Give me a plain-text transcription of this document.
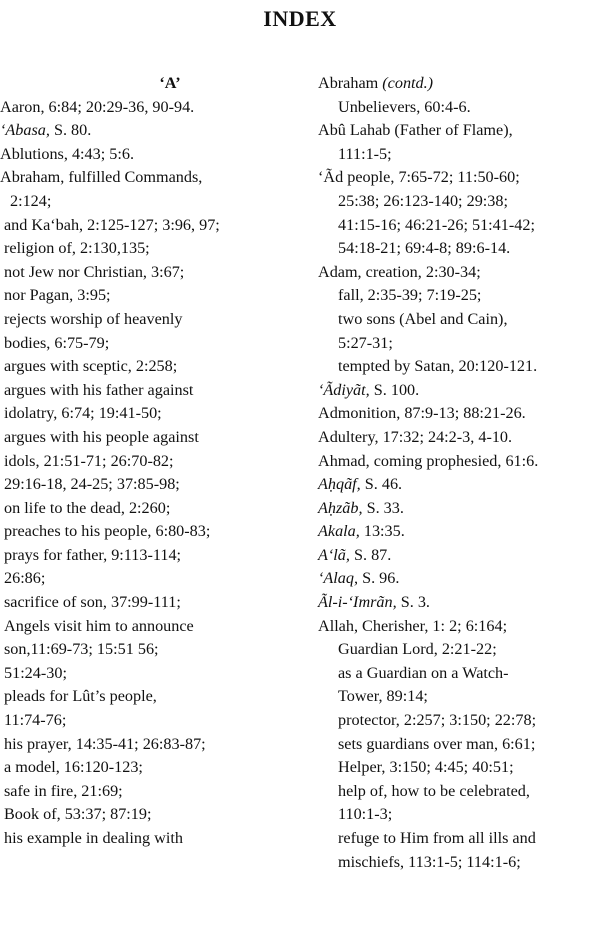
INDEX
‘A’
Aaron, 6:84; 20:29-36, 90-94.
‘Abasa, S. 80.
Ablutions, 4:43; 5:6.
Abraham, fulfilled Commands,
2:124;
and Ka‘bah, 2:125-127; 3:96, 97;
religion of, 2:130,135;
not Jew nor Christian, 3:67;
nor Pagan, 3:95;
rejects worship of heavenly
bodies, 6:75-79;
argues with sceptic, 2:258;
argues with his father against
idolatry, 6:74; 19:41-50;
argues with his people against
idols, 21:51-71; 26:70-82;
29:16-18, 24-25; 37:85-98;
on life to the dead, 2:260;
preaches to his people, 6:80-83;
prays for father, 9:113-114;
26:86;
sacrifice of son, 37:99-111;
Angels visit him to announce
son,11:69-73; 15:51 56;
51:24-30;
pleads for Lût’s people,
11:74-76;
his prayer, 14:35-41; 26:83-87;
a model, 16:120-123;
safe in fire, 21:69;
Book of, 53:37; 87:19;
his example in dealing with
Abraham (contd.)
Unbelievers, 60:4-6.
Abû Lahab (Father of Flame),
111:1-5;
‘Ãd people, 7:65-72; 11:50-60;
25:38; 26:123-140; 29:38;
41:15-16; 46:21-26; 51:41-42;
54:18-21; 69:4-8; 89:6-14.
Adam, creation, 2:30-34;
fall, 2:35-39; 7:19-25;
two sons (Abel and Cain),
5:27-31;
tempted by Satan, 20:120-121.
‘Ãdiyãt, S. 100.
Admonition, 87:9-13; 88:21-26.
Adultery, 17:32; 24:2-3, 4-10.
Ahmad, coming prophesied, 61:6.
Aḥqãf, S. 46.
Aḥzãb, S. 33.
Akala, 13:35.
A‘lã, S. 87.
‘Alaq, S. 96.
Ãl-i-‘Imrãn, S. 3.
Allah, Cherisher, 1: 2; 6:164;
Guardian Lord, 2:21-22;
as a Guardian on a Watch-
Tower, 89:14;
protector, 2:257; 3:150; 22:78;
sets guardians over man, 6:61;
Helper, 3:150; 4:45; 40:51;
help of, how to be celebrated,
110:1-3;
refuge to Him from all ills and
mischiefs, 113:1-5; 114:1-6;
